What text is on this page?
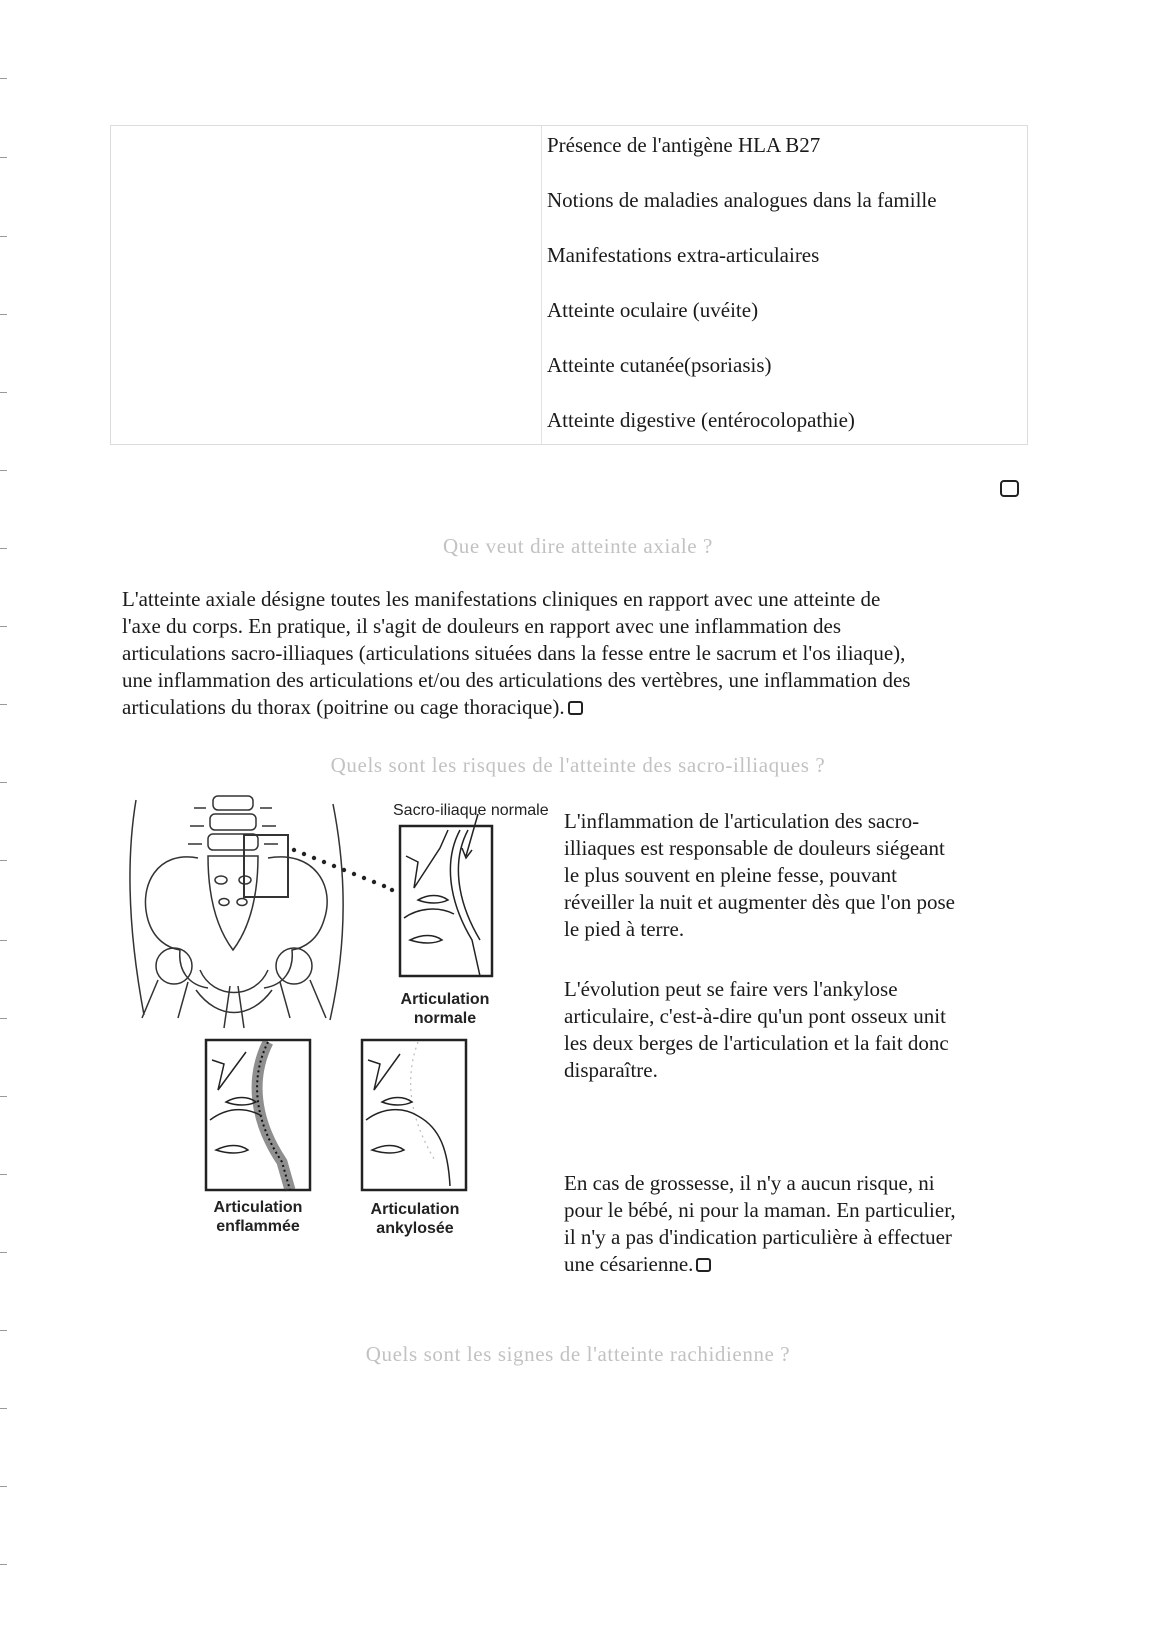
Présence de l'antigène HLA B27
Notions de maladies analogues dans la famille
Manifestations extra-articulaires
Atteinte oculaire (uvéite)
Atteinte cutanée(psoriasis)
Atteinte digestive (entérocolopathie)
Que veut dire atteinte axiale ?
L'atteinte axiale désigne toutes les manifestations cliniques en rapport avec une atteinte de
l'axe du corps. En pratique, il s'agit de douleurs en rapport avec une inflammation des
articulations sacro-illiaques (articulations situées dans la fesse entre le sacrum et l'os iliaque),
une inflammation des articulations et/ou des articulations des vertèbres, une inflammation des
articulations du thorax (poitrine ou cage thoracique).
Quels sont les risques de l'atteinte des sacro-illiaques ?
Sacro-iliaque normale
Articulation
normale
Articulation
enflammée
Articulation
ankylosée
L'inflammation de l'articulation des sacro-
illiaques est responsable de douleurs siégeant
le plus souvent en pleine fesse, pouvant
réveiller la nuit et augmenter dès que l'on pose
le pied à terre.
L'évolution peut se faire vers l'ankylose
articulaire, c'est-à-dire qu'un pont osseux unit
les deux berges de l'articulation et la fait donc
disparaître.
En cas de grossesse, il n'y a aucun risque, ni
pour le bébé, ni pour la maman. En particulier,
il n'y a pas d'indication particulière à effectuer
une césarienne.
Quels sont les signes de l'atteinte rachidienne ?
